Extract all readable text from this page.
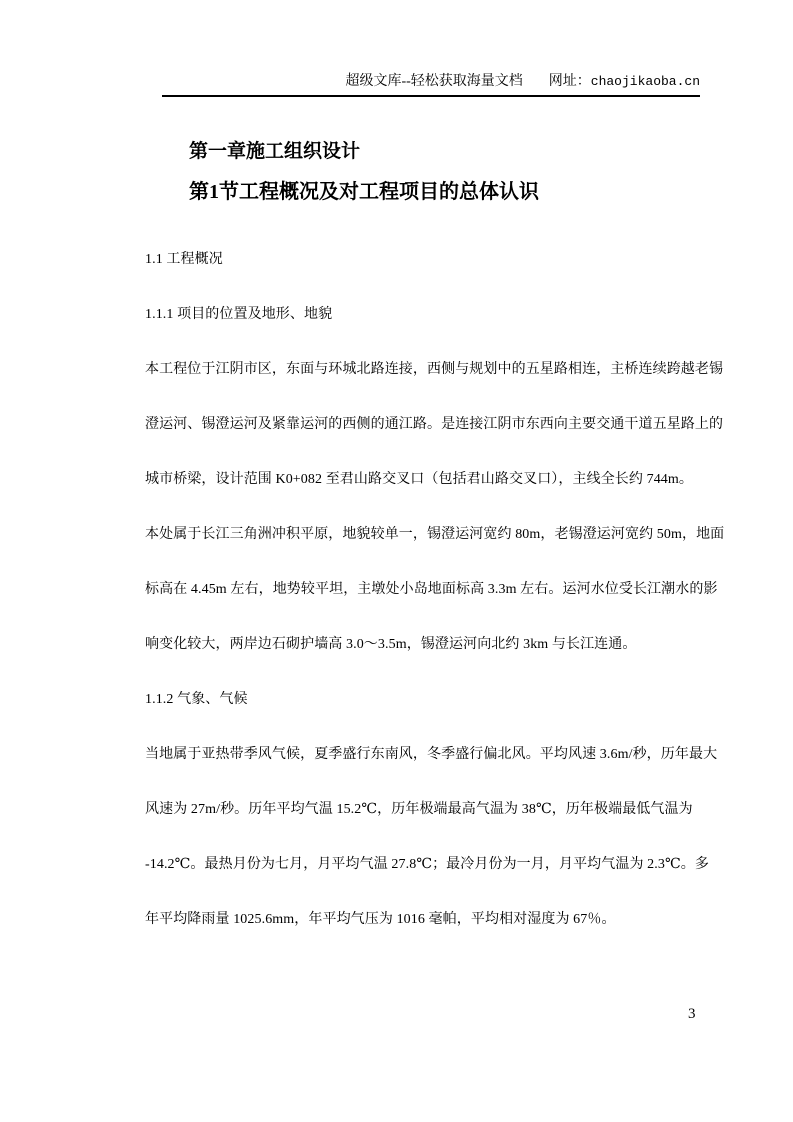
超级文库--轻松获取海量文档 网址：chaojikaoba.cn
第一章施工组织设计
第1节工程概况及对工程项目的总体认识
1.1 工程概况
1.1.1 项目的位置及地形、地貌
本工程位于江阴市区，东面与环城北路连接，西侧与规划中的五星路相连，主桥连续跨越老锡
澄运河、锡澄运河及紧靠运河的西侧的通江路。是连接江阴市东西向主要交通干道五星路上的
城市桥梁，设计范围 K0+082 至君山路交叉口（包括君山路交叉口），主线全长约 744m。
本处属于长江三角洲冲积平原，地貌较单一，锡澄运河宽约 80m，老锡澄运河宽约 50m，地面
标高在 4.45m 左右，地势较平坦，主墩处小岛地面标高 3.3m 左右。运河水位受长江潮水的影
响变化较大，两岸边石砌护墙高 3.0～3.5m，锡澄运河向北约 3km 与长江连通。
1.1.2 气象、气候
当地属于亚热带季风气候，夏季盛行东南风，冬季盛行偏北风。平均风速 3.6m/秒，历年最大
风速为 27m/秒。历年平均气温 15.2℃，历年极端最高气温为 38℃，历年极端最低气温为
-14.2℃。最热月份为七月，月平均气温 27.8℃；最冷月份为一月，月平均气温为 2.3℃。多
年平均降雨量 1025.6mm，年平均气压为 1016 毫帕，平均相对湿度为 67％。
3
